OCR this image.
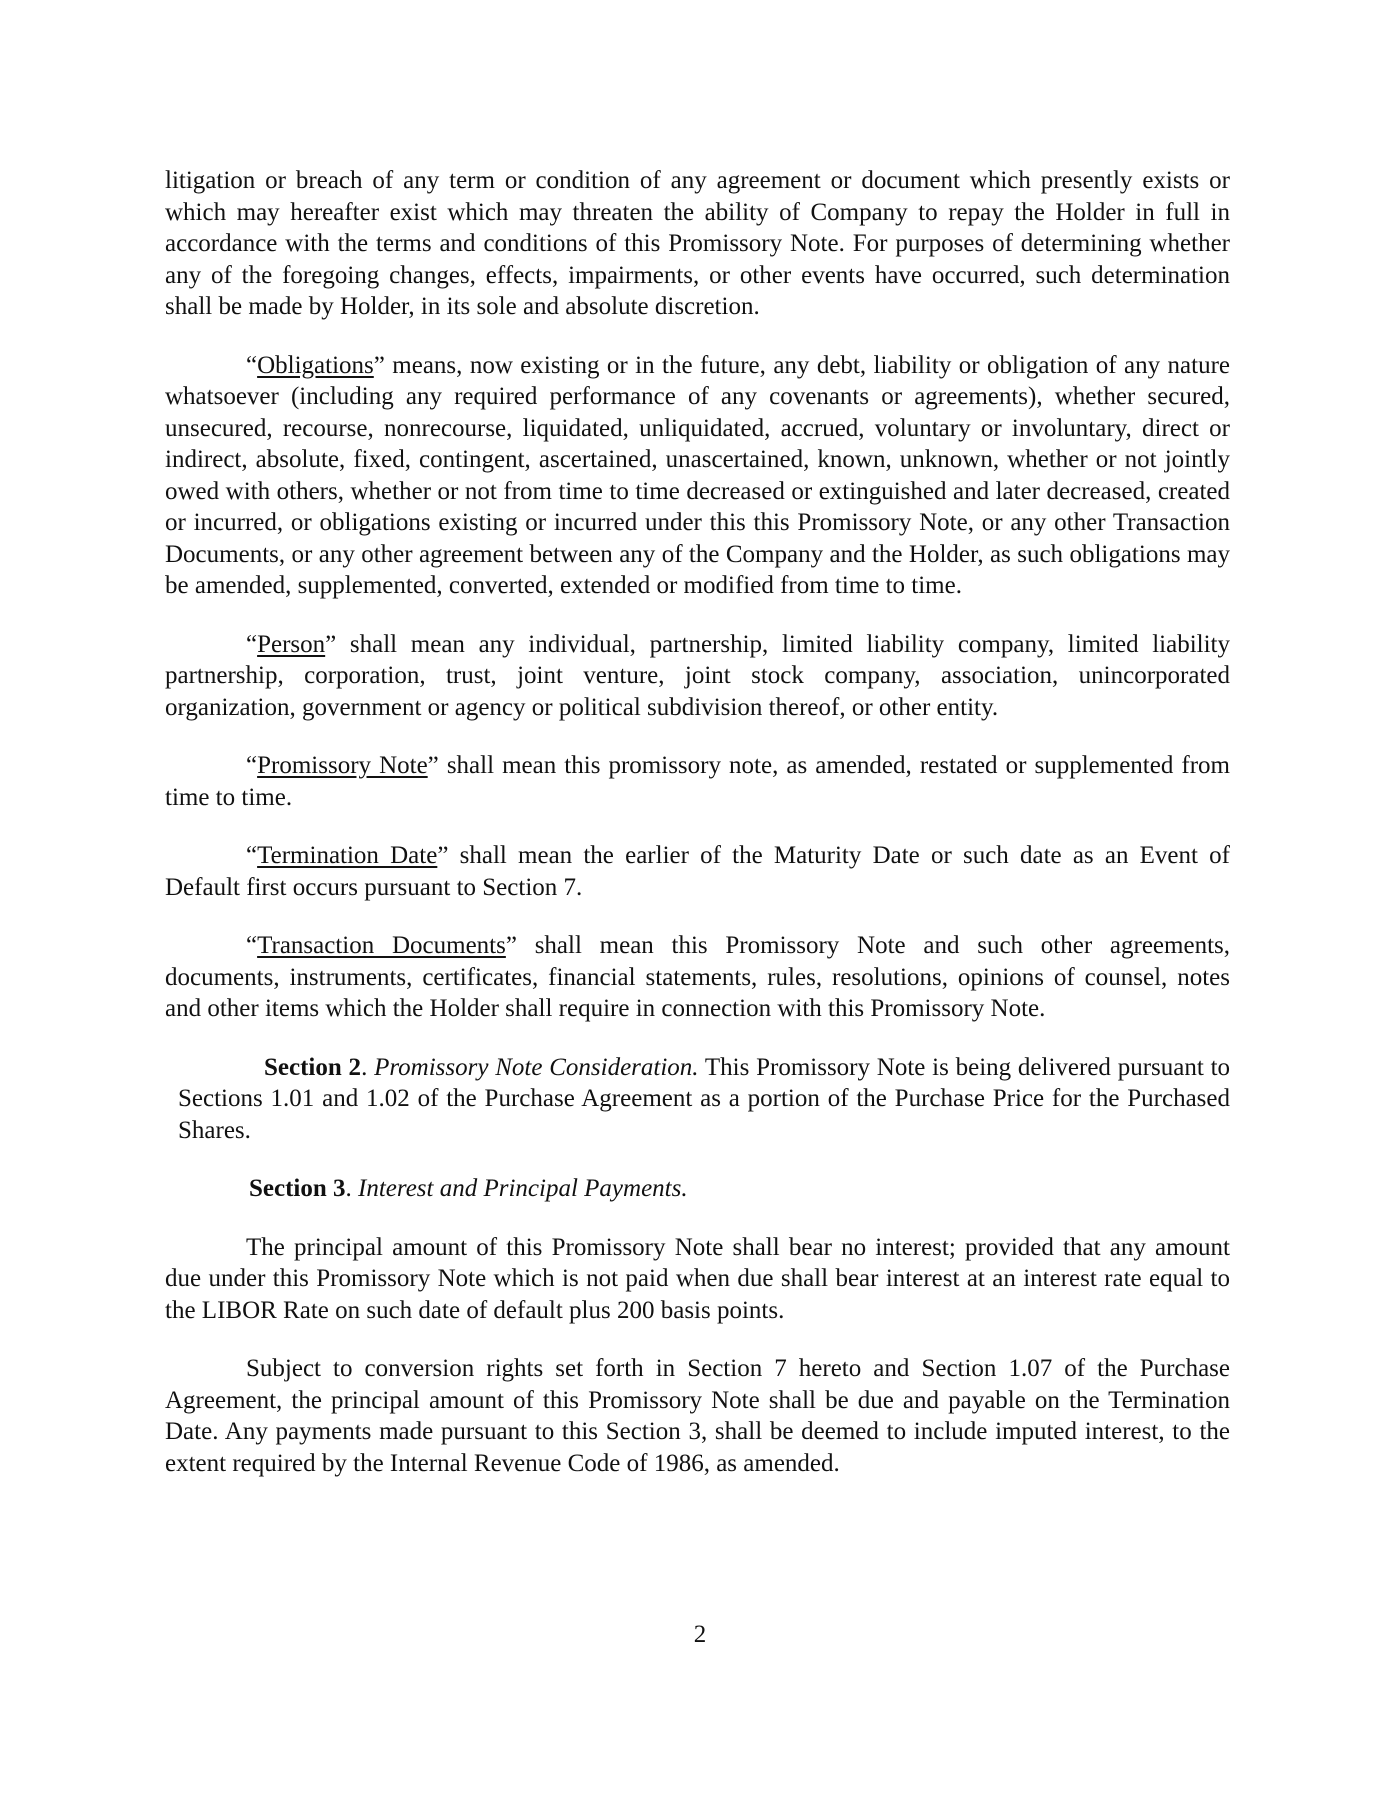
litigation or breach of any term or condition of any agreement or document which presently exists or which may hereafter exist which may threaten the ability of Company to repay the Holder in full in accordance with the terms and conditions of this Promissory Note. For purposes of determining whether any of the foregoing changes, effects, impairments, or other events have occurred, such determination shall be made by Holder, in its sole and absolute discretion.

“Obligations” means, now existing or in the future, any debt, liability or obligation of any nature whatsoever (including any required performance of any covenants or agreements), whether secured, unsecured, recourse, nonrecourse, liquidated, unliquidated, accrued, voluntary or involuntary, direct or indirect, absolute, fixed, contingent, ascertained, unascertained, known, unknown, whether or not jointly owed with others, whether or not from time to time decreased or extinguished and later decreased, created or incurred, or obligations existing or incurred under this this Promissory Note, or any other Transaction Documents, or any other agreement between any of the Company and the Holder, as such obligations may be amended, supplemented, converted, extended or modified from time to time.

“Person” shall mean any individual, partnership, limited liability company, limited liability partnership, corporation, trust, joint venture, joint stock company, association, unincorporated organization, government or agency or political subdivision thereof, or other entity.

“Promissory Note” shall mean this promissory note, as amended, restated or supplemented from time to time.

“Termination Date” shall mean the earlier of the Maturity Date or such date as an Event of Default first occurs pursuant to Section 7.

“Transaction Documents” shall mean this Promissory Note and such other agreements, documents, instruments, certificates, financial statements, rules, resolutions, opinions of counsel, notes and other items which the Holder shall require in connection with this Promissory Note.

Section 2. Promissory Note Consideration. This Promissory Note is being delivered pursuant to Sections 1.01 and 1.02 of the Purchase Agreement as a portion of the Purchase Price for the Purchased Shares.

Section 3. Interest and Principal Payments.

The principal amount of this Promissory Note shall bear no interest; provided that any amount due under this Promissory Note which is not paid when due shall bear interest at an interest rate equal to the LIBOR Rate on such date of default plus 200 basis points.

Subject to conversion rights set forth in Section 7 hereto and Section 1.07 of the Purchase Agreement, the principal amount of this Promissory Note shall be due and payable on the Termination Date. Any payments made pursuant to this Section 3, shall be deemed to include imputed interest, to the extent required by the Internal Revenue Code of 1986, as amended.

2
